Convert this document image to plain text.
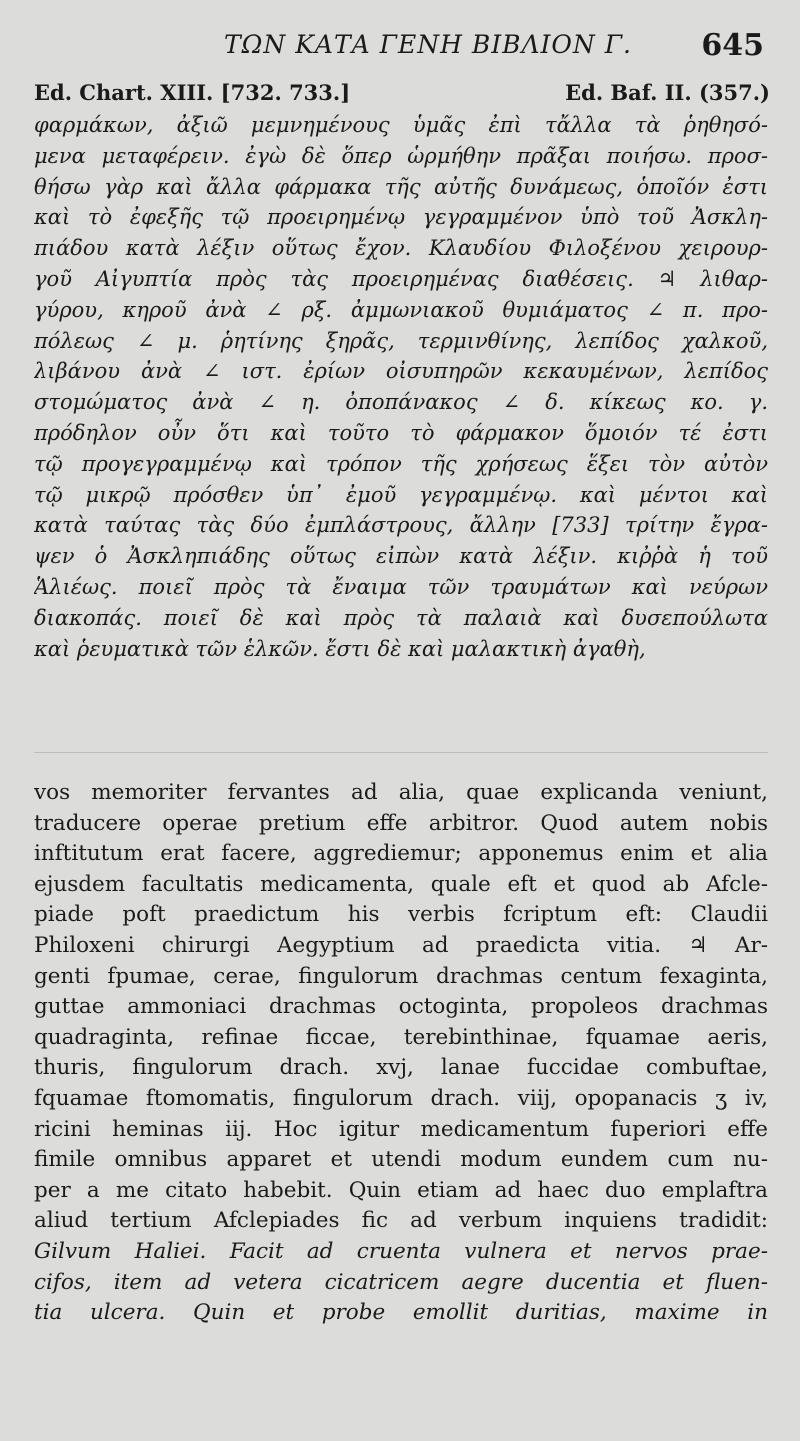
ΤΩΝ ΚΑΤΑ ΓΕΝΗ ΒΙΒΛΙΟΝ Γ. 645
Ed. Chart. XIII. [732. 733.]	Ed. Baf. II. (357.)
φαρμάκων, ἀξιῶ μεμνημένους ὑμᾶς ἐπὶ τἄλλα τὰ ῥηθησό-
μενα μεταφέρειν. ἐγὼ δὲ ὅπερ ὡρμήθην πρᾶξαι ποιήσω. προσ-
θήσω γὰρ καὶ ἄλλα φάρμακα τῆς αὐτῆς δυνάμεως, ὁποῖόν ἐστι
καὶ τὸ ἐφεξῆς τῷ προειρημένῳ γεγραμμένον ὑπὸ τοῦ Ἀσκλη-
πιάδου κατὰ λέξιν οὕτως ἔχον. Κλαυδίου Φιλοξένου χειρουρ-
γοῦ Αἰγυπτία πρὸς τὰς προειρημένας διαθέσεις. ♃ λιθαρ-
γύρου, κηροῦ ἀνὰ ∠ ρξ. ἀμμωνιακοῦ θυμιάματος ∠ π. προ-
πόλεως ∠ μ. ῥητίνης ξηρᾶς, τερμινθίνης, λεπίδος χαλκοῦ,
λιβάνου ἀνὰ ∠ ιστ. ἐρίων οἰσυπηρῶν κεκαυμένων, λεπίδος
στομώματος ἀνὰ ∠ η. ὀποπάνακος ∠ δ. κίκεως κο. γ.
πρόδηλον οὖν ὅτι καὶ τοῦτο τὸ φάρμακον ὅμοιόν τέ ἐστι
τῷ προγεγραμμένῳ καὶ τρόπον τῆς χρήσεως ἕξει τὸν αὐτὸν
τῷ μικρῷ πρόσθεν ὑπ᾽ ἐμοῦ γεγραμμένῳ. καὶ μέντοι καὶ
κατὰ ταύτας τὰς δύο ἐμπλάστρους, ἄλλην [733] τρίτην ἔγρα-
ψεν ὁ Ἀσκληπιάδης οὕτως εἰπὼν κατὰ λέξιν. κιῤῥὰ ἡ τοῦ
Ἁλιέως. ποιεῖ πρὸς τὰ ἔναιμα τῶν τραυμάτων καὶ νεύρων
διακοπάς. ποιεῖ δὲ καὶ πρὸς τὰ παλαιὰ καὶ δυσεπούλωτα
καὶ ῥευματικὰ τῶν ἑλκῶν. ἔστι δὲ καὶ μαλακτικὴ ἀγαθὴ,
vos memoriter fervantes ad alia, quae explicanda veniunt,
traducere operae pretium effe arbitror. Quod autem nobis
inftitutum erat facere, aggrediemur; apponemus enim et alia
ejusdem facultatis medicamenta, quale eft et quod ab Afcle-
piade poft praedictum his verbis fcriptum eft: Claudii
Philoxeni chirurgi Aegyptium ad praedicta vitia. ♃ Ar-
genti fpumae, cerae, fingulorum drachmas centum fexaginta,
guttae ammoniaci drachmas octoginta, propoleos drachmas
quadraginta, refinae ficcae, terebinthinae, fquamae aeris,
thuris, fingulorum drach. xvj, lanae fuccidae combuftae,
fquamae ftomomatis, fingulorum drach. viij, opopanacis ʒ iv,
ricini heminas iij. Hoc igitur medicamentum fuperiori effe
fimile omnibus apparet et utendi modum eundem cum nu-
per a me citato habebit. Quin etiam ad haec duo emplaftra
aliud tertium Afclepiades fic ad verbum inquiens tradidit:
Gilvum Haliei. Facit ad cruenta vulnera et nervos prae-
cifos, item ad vetera cicatricem aegre ducentia et fluen-
tia ulcera. Quin et probe emollit duritias, maxime in
